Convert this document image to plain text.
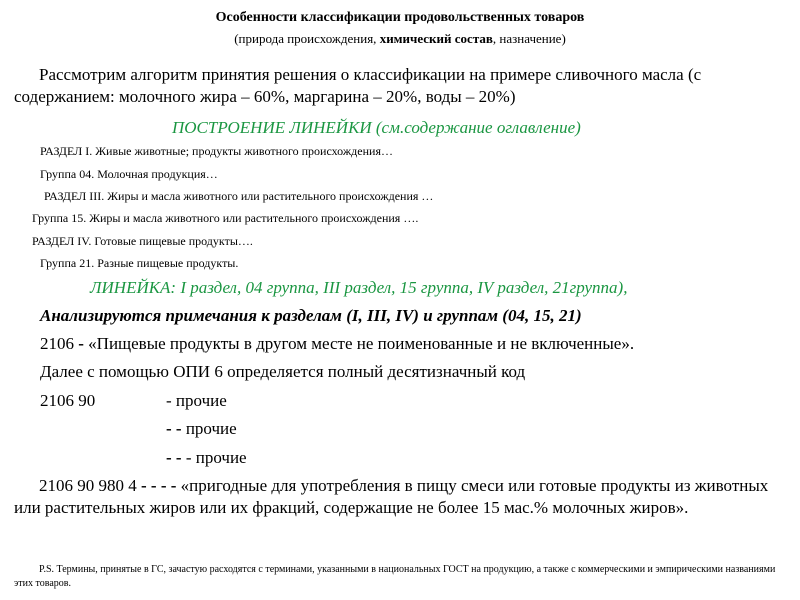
Особенности классификации продовольственных товаров
(природа происхождения, химический состав, назначение)
Рассмотрим алгоритм принятия решения о классификации на примере сливочного масла (с содержанием: молочного жира – 60%, маргарина – 20%, воды – 20%)
ПОСТРОЕНИЕ ЛИНЕЙКИ (см.содержание оглавление)
РАЗДЕЛ I. Живые животные; продукты животного происхождения…
Группа 04. Молочная продукция…
РАЗДЕЛ III. Жиры и масла животного или растительного происхождения …
Группа 15. Жиры и масла животного или растительного происхождения ….
РАЗДЕЛ IV. Готовые пищевые продукты….
Группа 21. Разные пищевые продукты.
ЛИНЕЙКА: I раздел, 04 группа, III раздел, 15 группа, IV раздел, 21группа),
Анализируются примечания к разделам (I, III, IV) и группам (04, 15, 21)
2106 - «Пищевые продукты в другом месте не поименованные и не включенные».
Далее с помощью ОПИ 6 определяется полный десятизначный код
2106 90	- прочие
- - прочие
- - - прочие
2106 90 980 4 - - - - «пригодные для употребления в пищу смеси или готовые продукты из животных или растительных жиров или их фракций, содержащие не более 15 мас.% молочных жиров».
P.S. Термины, принятые в ГС, зачастую расходятся с терминами, указанными в национальных ГОСТ на продукцию, а также с коммерческими и эмпирическими названиями этих товаров.
